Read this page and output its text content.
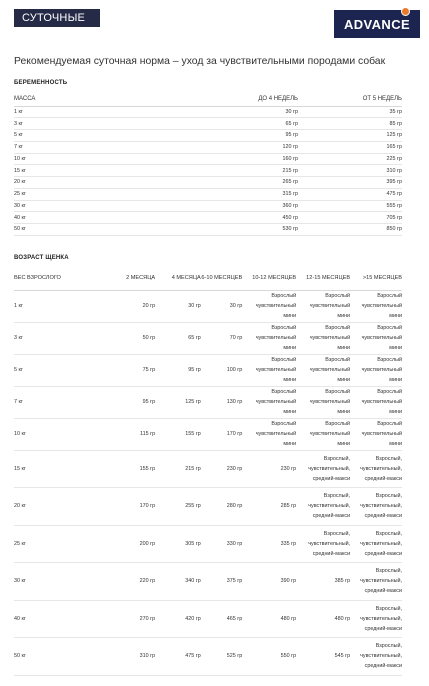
СУТОЧНЫЕ	ADVANCE
Рекомендуемая суточная норма – уход за чувствительными породами собак
БЕРЕМЕННОСТЬ
МАССА	ДО 4 НЕДЕЛЬ	ОТ 5 НЕДЕЛЬ
1 кг	30 гр	35 гр
3 кг	65 гр	85 гр
5 кг	95 гр	125 гр
7 кг	120 гр	165 гр
10 кг	160 гр	225 гр
15 кг	215 гр	310 гр
20 кг	265 гр	395 гр
25 кг	315 гр	475 гр
30 кг	360 гр	555 гр
40 кг	450 гр	705 гр
50 кг	530 гр	850 гр
ВОЗРАСТ ЩЕНКА
ВЕС ВЗРОСЛОГО	2 МЕСЯЦА	4 МЕСЯЦА	6-10 МЕСЯЦЕВ	10-12 МЕСЯЦЕВ	12-15 МЕСЯЦЕВ	>15 МЕСЯЦЕВ
1 кг	20 гр	30 гр	30 гр	Взрослый чувствительный мини	Взрослый чувствительный мини	Взрослый чувствительный мини
3 кг	50 гр	65 гр	70 гр	Взрослый чувствительный мини	Взрослый чувствительный мини	Взрослый чувствительный мини
5 кг	75 гр	95 гр	100 гр	Взрослый чувствительный мини	Взрослый чувствительный мини	Взрослый чувствительный мини
7 кг	95 гр	125 гр	130 гр	Взрослый чувствительный мини	Взрослый чувствительный мини	Взрослый чувствительный мини
10 кг	115 гр	155 гр	170 гр	Взрослый чувствительный мини	Взрослый чувствительный мини	Взрослый чувствительный мини
15 кг	155 гр	215 гр	230 гр	230 гр	Взрослый, чувствительный, средний-макси	Взрослый, чувствительный, средний-макси
20 кг	170 гр	255 гр	280 гр	285 гр	Взрослый, чувствительный, средний-макси	Взрослый, чувствительный, средний-макси
25 кг	200 гр	305 гр	330 гр	335 гр	Взрослый, чувствительный, средний-макси	Взрослый, чувствительный, средний-макси
30 кг	220 гр	340 гр	375 гр	390 гр	385 гр	Взрослый, чувствительный, средний-макси
40 кг	270 гр	420 гр	465 гр	480 гр	480 гр	Взрослый, чувствительный, средний-макси
50 кг	310 гр	475 гр	525 гр	550 гр	545 гр	Взрослый, чувствительный, средний-макси
